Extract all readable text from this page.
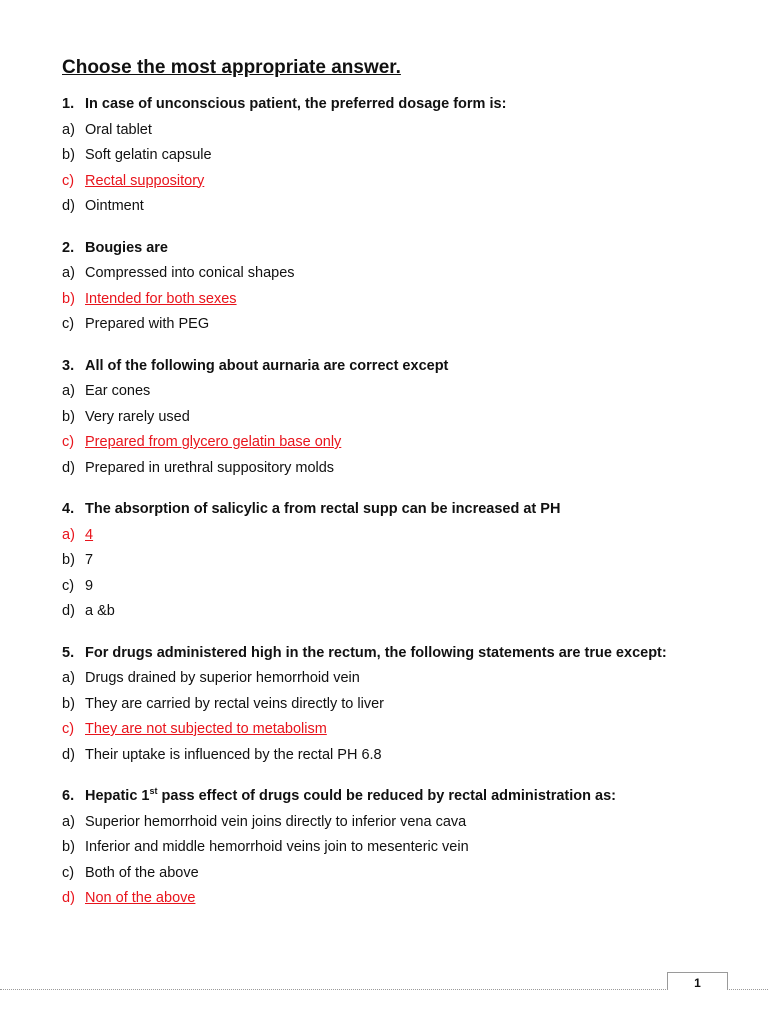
Choose the most appropriate answer.
1. In case of unconscious patient, the preferred dosage form is:
a) Oral tablet
b) Soft gelatin capsule
c) Rectal suppository
d) Ointment
2. Bougies are
a) Compressed into conical shapes
b) Intended for both sexes
c) Prepared with PEG
3. All of the following about aurnaria are correct except
a) Ear cones
b) Very rarely used
c) Prepared from glycero gelatin base only
d) Prepared in urethral suppository molds
4. The absorption of salicylic a from rectal supp can be increased at PH
a) 4
b) 7
c) 9
d) a &b
5. For drugs administered high in the rectum, the following statements are true except:
a) Drugs drained by superior hemorrhoid vein
b) They are carried by rectal veins directly to liver
c) They are not subjected to metabolism
d) Their uptake is influenced by the rectal PH 6.8
6. Hepatic 1st pass effect of drugs could be reduced by rectal administration as:
a) Superior hemorrhoid vein joins directly to inferior vena cava
b) Inferior and middle hemorrhoid veins join to mesenteric vein
c) Both of the above
d) Non of the above
1
